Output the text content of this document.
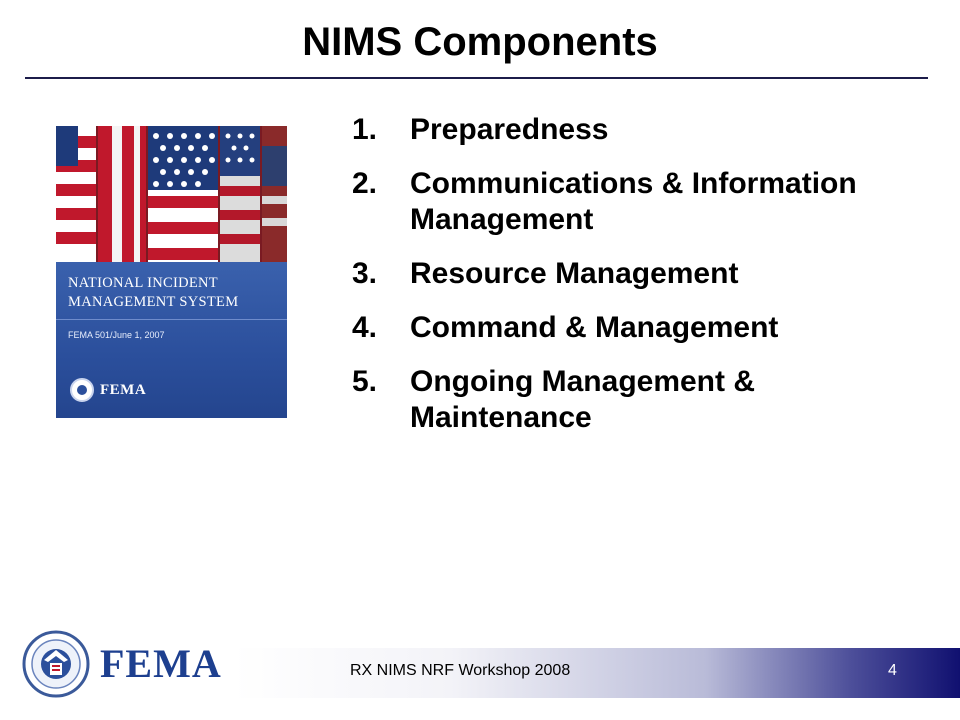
NIMS Components
NATIONAL INCIDENT
MANAGEMENT SYSTEM
FEMA 501/June 1, 2007
FEMA
1.	Preparedness
2.	Communications & Information Management
3.	Resource Management
4.	Command & Management
5.	Ongoing Management & Maintenance
FEMA	RX NIMS NRF Workshop 2008	4
